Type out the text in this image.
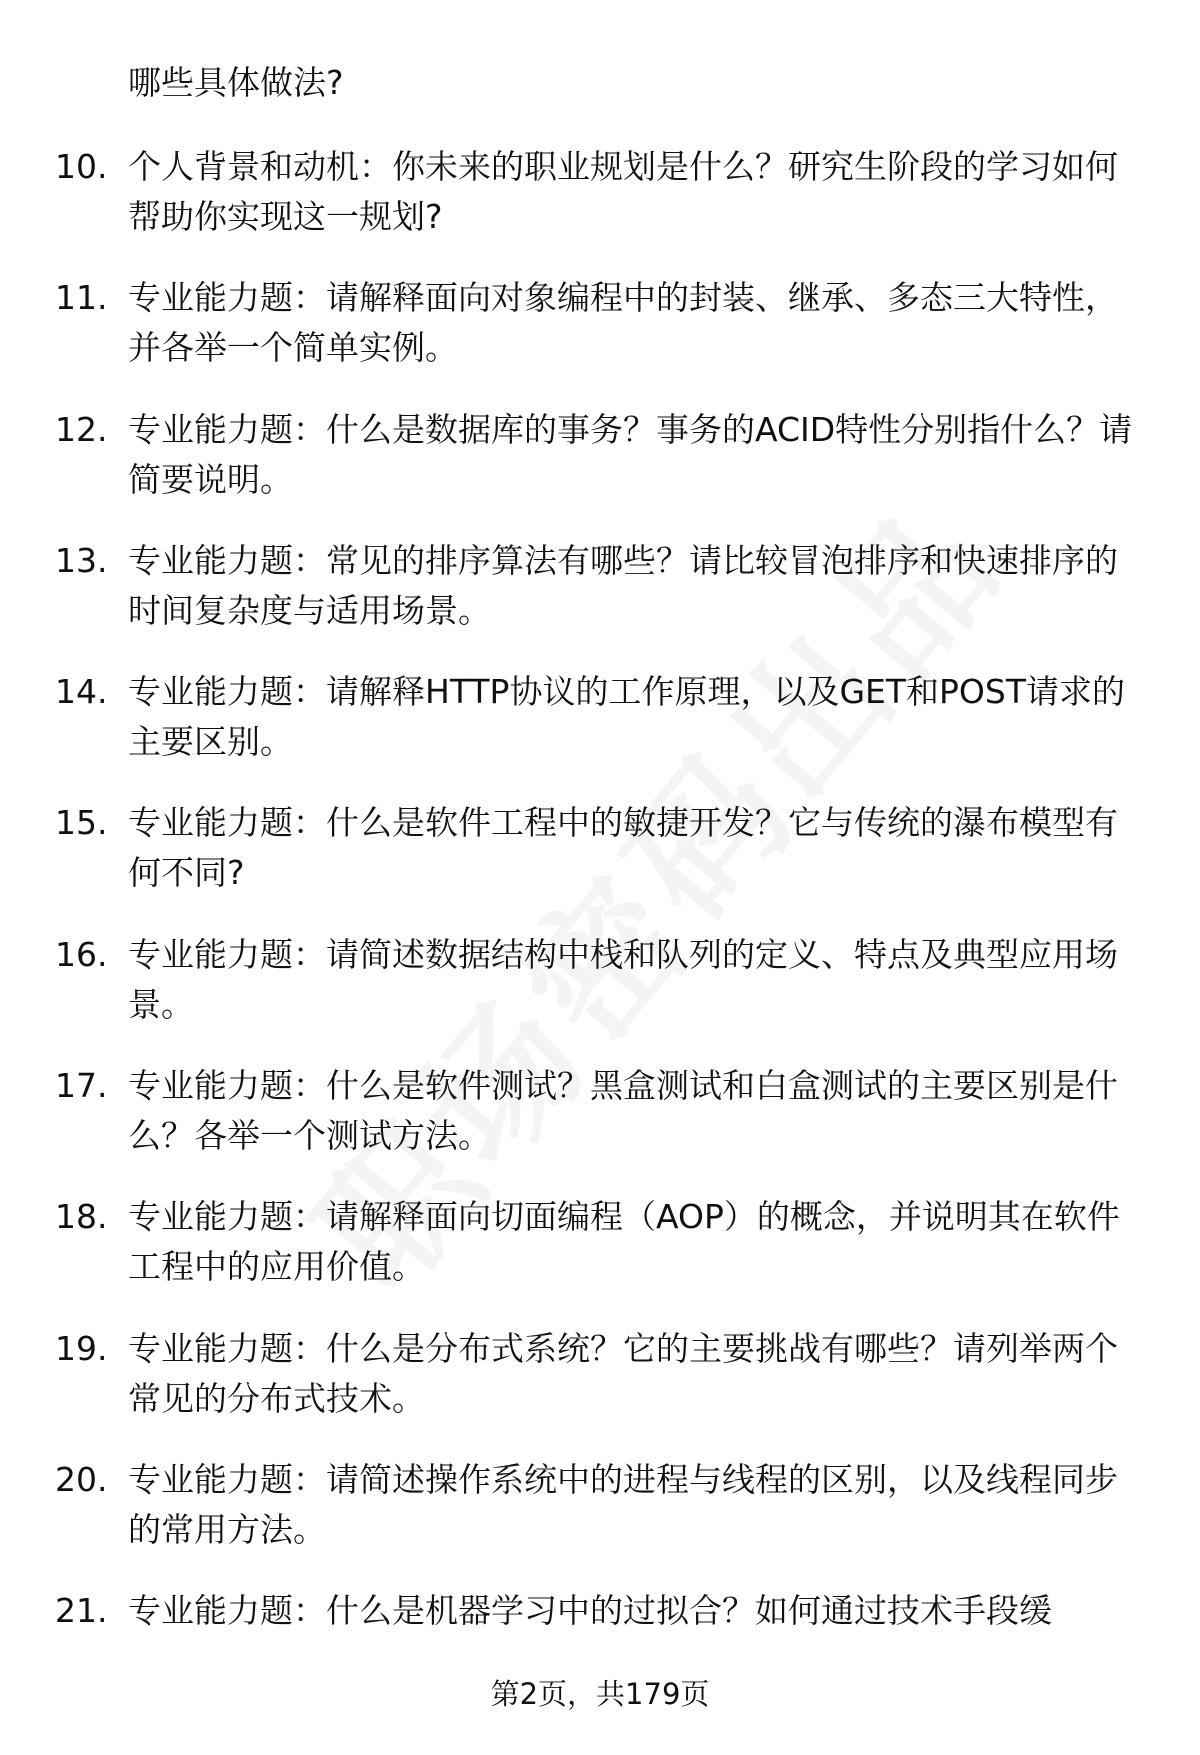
哪些具体做法?
10. 个人背景和动机：你未来的职业规划是什么？研究生阶段的学习如何帮助你实现这一规划?
11. 专业能力题：请解释面向对象编程中的封装、继承、多态三大特性，并各举一个简单实例。
12. 专业能力题：什么是数据库的事务？事务的ACID特性分别指什么？请简要说明。
13. 专业能力题：常见的排序算法有哪些？请比较冒泡排序和快速排序的时间复杂度与适用场景。
14. 专业能力题：请解释HTTP协议的工作原理，以及GET和POST请求的主要区别。
15. 专业能力题：什么是软件工程中的敏捷开发？它与传统的瀑布模型有何不同?
16. 专业能力题：请简述数据结构中栈和队列的定义、特点及典型应用场景。
17. 专业能力题：什么是软件测试？黑盒测试和白盒测试的主要区别是什么？各举一个测试方法。
18. 专业能力题：请解释面向切面编程（AOP）的概念，并说明其在软件工程中的应用价值。
19. 专业能力题：什么是分布式系统？它的主要挑战有哪些？请列举两个常见的分布式技术。
20. 专业能力题：请简述操作系统中的进程与线程的区别，以及线程同步的常用方法。
21. 专业能力题：什么是机器学习中的过拟合？如何通过技术手段缓
第2页，共179页
